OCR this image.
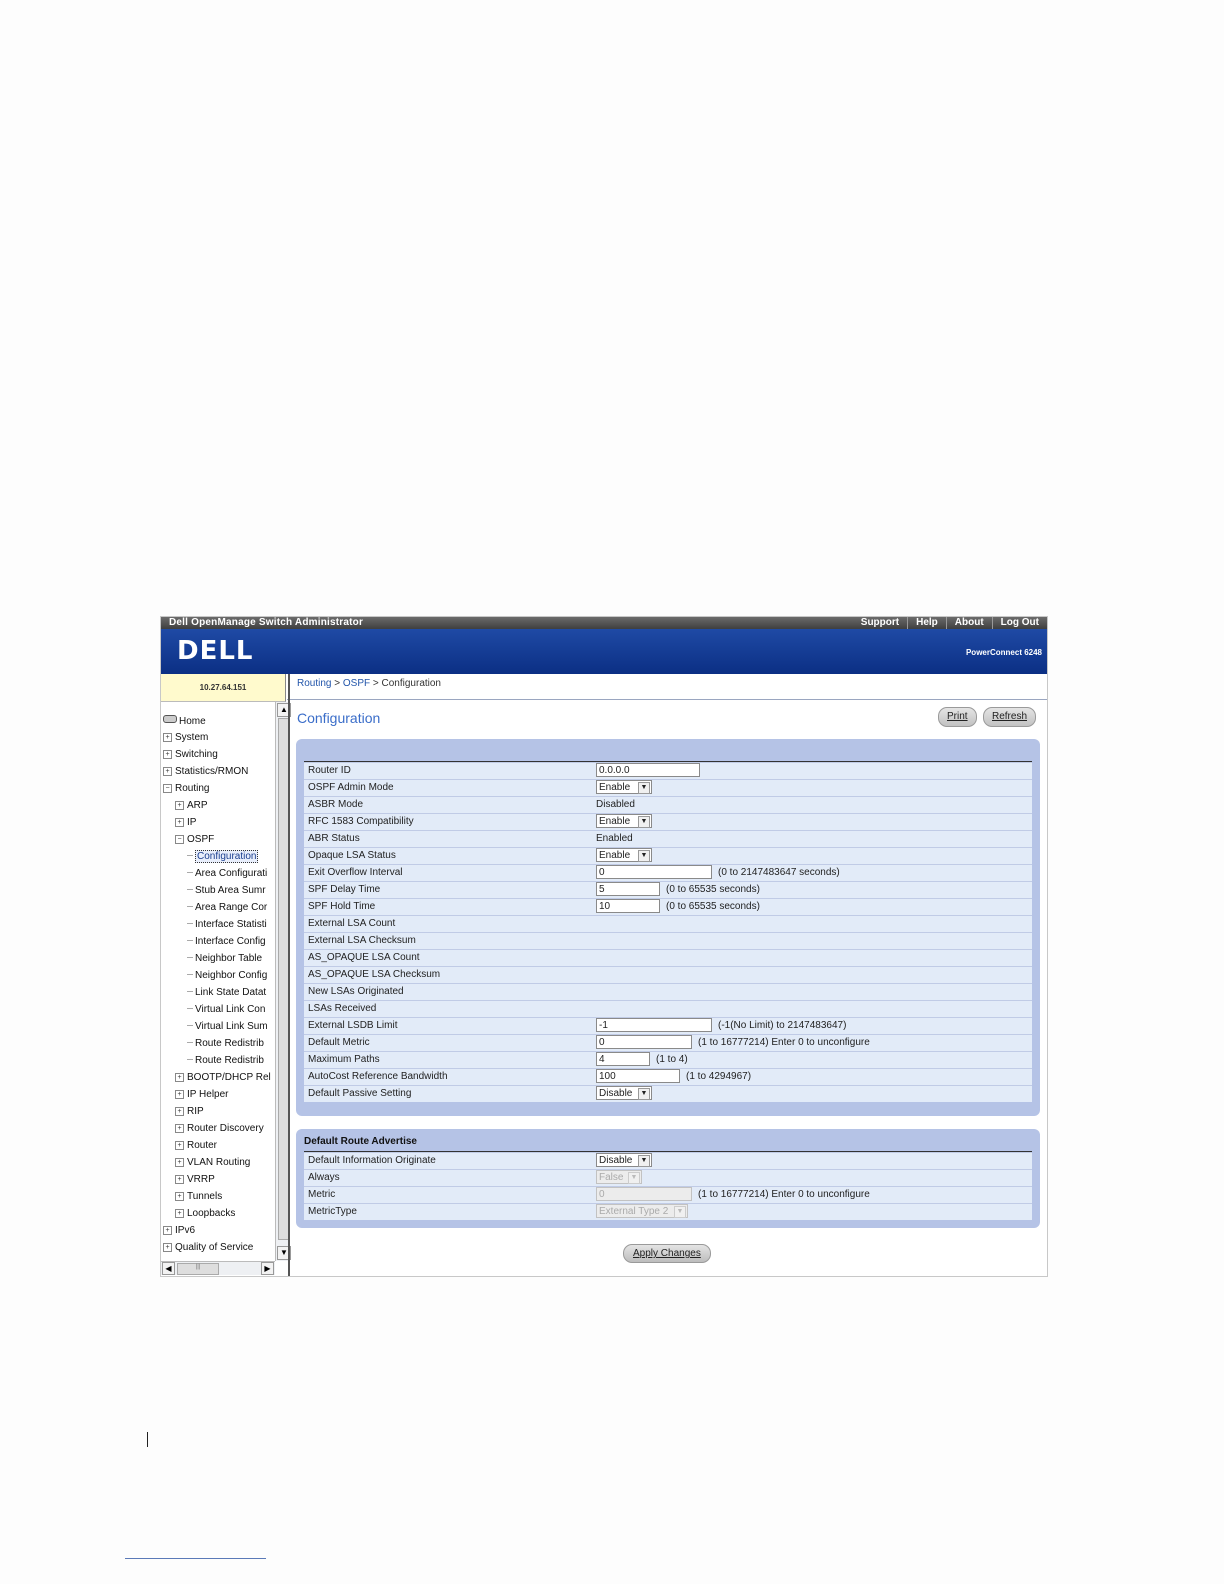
Dell OpenManage Switch Administrator	Support	Help	About	Log Out
DELL	PowerConnect 6248
10.27.64.151	Routing > OSPF > Configuration
Home
+ System
+ Switching
+ Statistics/RMON
− Routing
+ ARP
+ IP
− OSPF
Configuration
Area Configurati
Stub Area Sumr
Area Range Cor
Interface Statisti
Interface Config
Neighbor Table
Neighbor Config
Link State Datat
Virtual Link Con
Virtual Link Sum
Route Redistrib
Route Redistrib
+ BOOTP/DHCP Rel
+ IP Helper
+ RIP
+ Router Discovery
+ Router
+ VLAN Routing
+ VRRP
+ Tunnels
+ Loopbacks
+ IPv6
+ Quality of Service
▲
▼
◀	|||	▶
Configuration	Print	Refresh
Router ID	0.0.0.0
OSPF Admin Mode	Enable	▼
ASBR Mode	Disabled
RFC 1583 Compatibility	Enable	▼
ABR Status	Enabled
Opaque LSA Status	Enable	▼
Exit Overflow Interval	0	(0 to 2147483647 seconds)
SPF Delay Time	5	(0 to 65535 seconds)
SPF Hold Time	10	(0 to 65535 seconds)
External LSA Count
External LSA Checksum
AS_OPAQUE LSA Count
AS_OPAQUE LSA Checksum
New LSAs Originated
LSAs Received
External LSDB Limit	-1	(-1(No Limit) to 2147483647)
Default Metric	0	(1 to 16777214) Enter 0 to unconfigure
Maximum Paths	4	(1 to 4)
AutoCost Reference Bandwidth	100	(1 to 4294967)
Default Passive Setting	Disable	▼
Default Route Advertise
Default Information Originate	Disable	▼
Always	False	▼
Metric	0	(1 to 16777214) Enter 0 to unconfigure
MetricType	External Type 2	▼
Apply Changes
